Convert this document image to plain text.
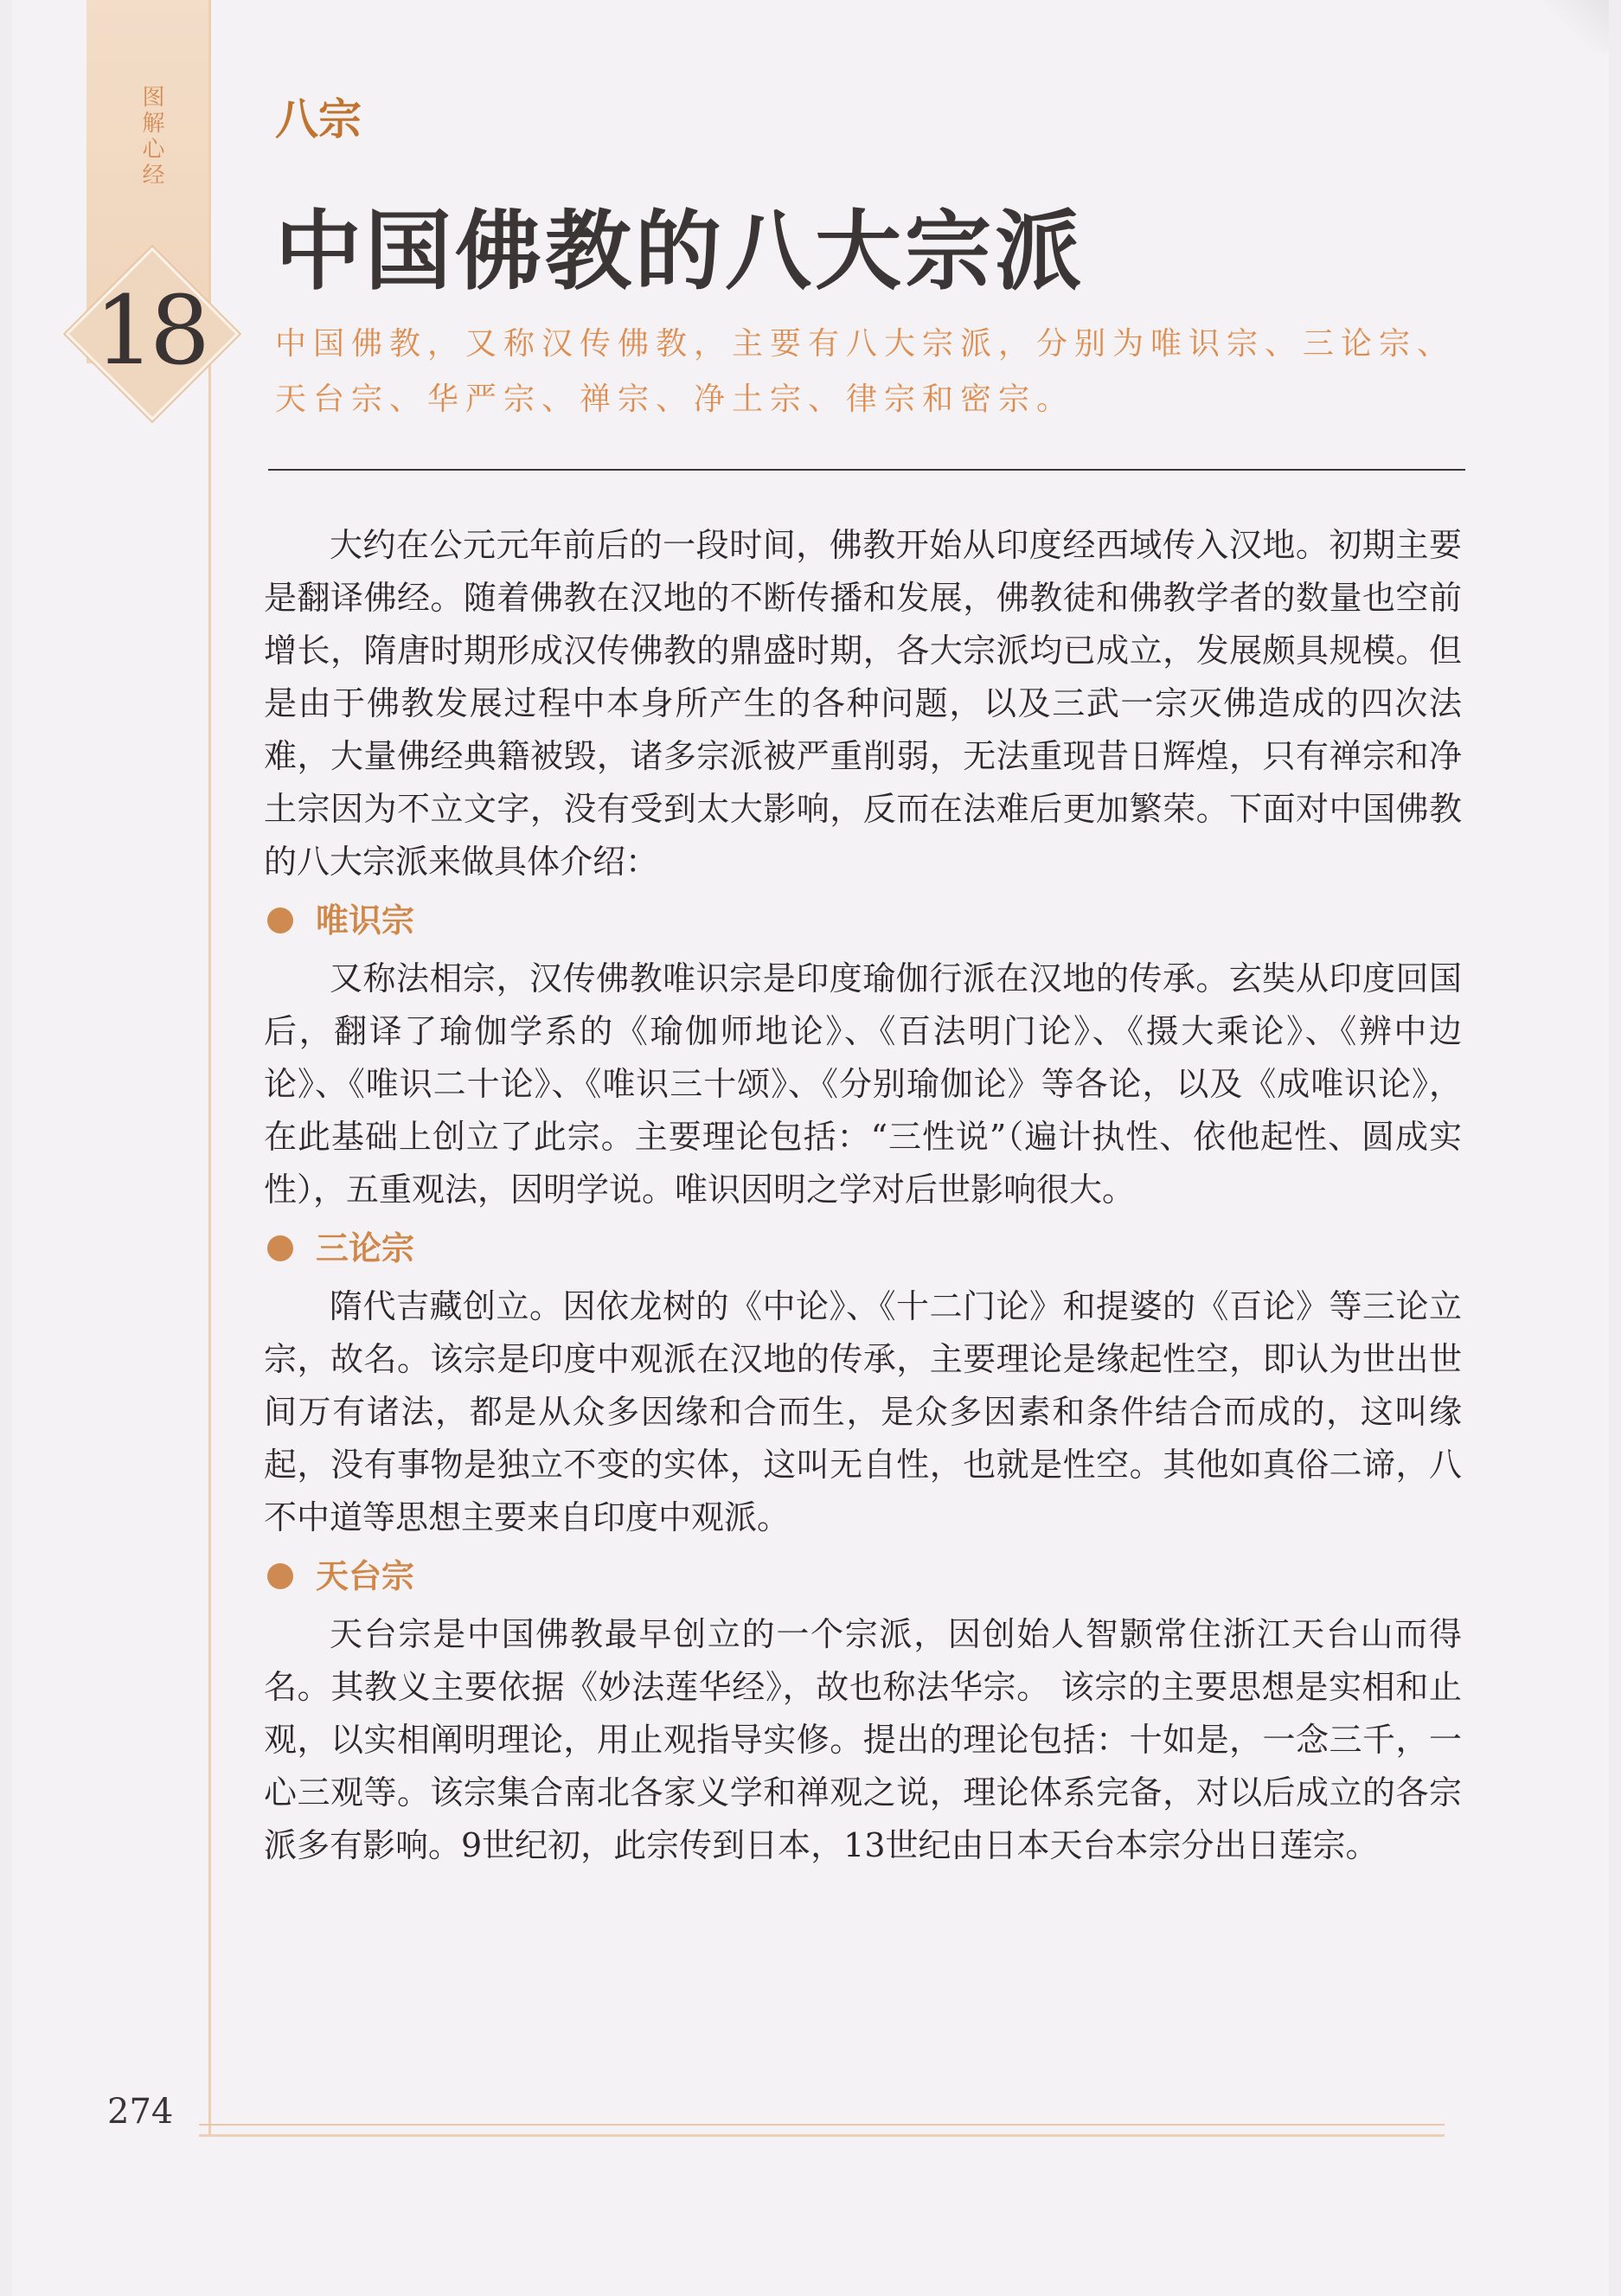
图解心经
18
八宗
中国佛教的八大宗派
中国佛教，又称汉传佛教，主要有八大宗派，分别为唯识宗、三论宗、天台宗、华严宗、禅宗、净土宗、律宗和密宗。

大约在公元元年前后的一段时间，佛教开始从印度经西域传入汉地。初期主要是翻译佛经。随着佛教在汉地的不断传播和发展，佛教徒和佛教学者的数量也空前增长，隋唐时期形成汉传佛教的鼎盛时期，各大宗派均已成立，发展颇具规模。但是由于佛教发展过程中本身所产生的各种问题，以及三武一宗灭佛造成的四次法难，大量佛经典籍被毁，诸多宗派被严重削弱，无法重现昔日辉煌，只有禅宗和净土宗因为不立文字，没有受到太大影响，反而在法难后更加繁荣。下面对中国佛教的八大宗派来做具体介绍：

唯识宗

又称法相宗，汉传佛教唯识宗是印度瑜伽行派在汉地的传承。玄奘从印度回国后，翻译了瑜伽学系的《瑜伽师地论》、《百法明门论》、《摄大乘论》、《辨中边论》、《唯识二十论》、《唯识三十颂》、《分别瑜伽论》等各论，以及《成唯识论》，在此基础上创立了此宗。主要理论包括：“三性说”（遍计执性、依他起性、圆成实性），五重观法，因明学说。唯识因明之学对后世影响很大。

三论宗

隋代吉藏创立。因依龙树的《中论》、《十二门论》和提婆的《百论》等三论立宗，故名。该宗是印度中观派在汉地的传承，主要理论是缘起性空，即认为世出世间万有诸法，都是从众多因缘和合而生，是众多因素和条件结合而成的，这叫缘起，没有事物是独立不变的实体，这叫无自性，也就是性空。其他如真俗二谛，八不中道等思想主要来自印度中观派。

天台宗

天台宗是中国佛教最早创立的一个宗派，因创始人智颢常住浙江天台山而得名。其教义主要依据《妙法莲华经》，故也称法华宗。 该宗的主要思想是实相和止观，以实相阐明理论，用止观指导实修。提出的理论包括：十如是，一念三千，一心三观等。该宗集合南北各家义学和禅观之说，理论体系完备，对以后成立的各宗派多有影响。9世纪初，此宗传到日本，13世纪由日本天台本宗分出日莲宗。

274
